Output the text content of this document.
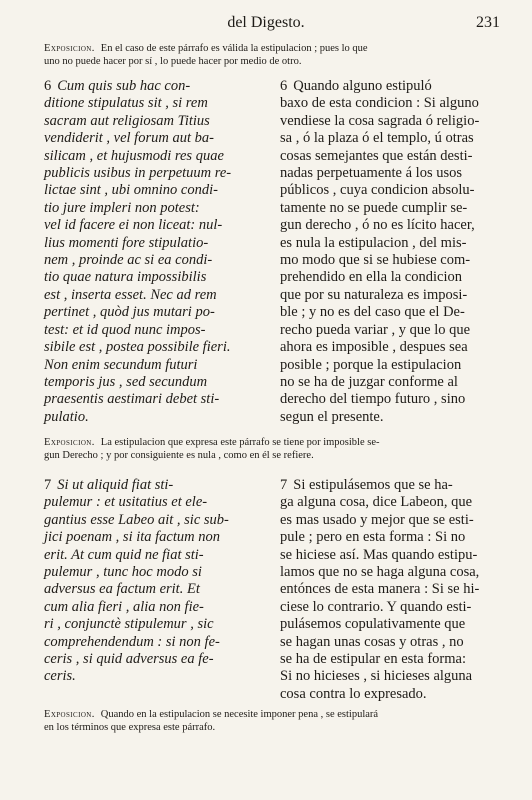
del Digesto.	231

Exposicion. En el caso de este párrafo es válida la estipulacion ; pues lo que
uno no puede hacer por sí , lo puede hacer por medio de otro.

6 Cum quis sub hac con-
ditione stipulatus sit , si rem
sacram aut religiosam Titius
vendiderit , vel forum aut ba-
silicam , et hujusmodi res quae
publicis usibus in perpetuum re-
lictae sint , ubi omnino condi-
tio jure impleri non potest:
vel id facere ei non liceat: nul-
lius momenti fore stipulatio-
nem , proinde ac si ea condi-
tio quae natura impossibilis
est , inserta esset. Nec ad rem
pertinet , quòd jus mutari po-
test: et id quod nunc impos-
sibile est , postea possibile fieri.
Non enim secundum futuri
temporis jus , sed secundum
praesentis aestimari debet sti-
pulatio.
6 Quando alguno estipuló
baxo de esta condicion : Si alguno
vendiese la cosa sagrada ó religio-
sa , ó la plaza ó el templo, ú otras
cosas semejantes que están desti-
nadas perpetuamente á los usos
públicos , cuya condicion absolu-
tamente no se puede cumplir se-
gun derecho , ó no es lícito hacer,
es nula la estipulacion , del mis-
mo modo que si se hubiese com-
prehendido en ella la condicion
que por su naturaleza es imposi-
ble ; y no es del caso que el De-
recho pueda variar , y que lo que
ahora es imposible , despues sea
posible ; porque la estipulacion
no se ha de juzgar conforme al
derecho del tiempo futuro , sino
segun el presente.

Exposicion. La estipulacion que expresa este párrafo se tiene por imposible se-
gun Derecho ; y por consiguiente es nula , como en él se refiere.

7 Si ut aliquid fiat sti-
pulemur : et usitatius et ele-
gantius esse Labeo ait , sic sub-
jici poenam , si ita factum non
erit. At cum quid ne fiat sti-
pulemur , tunc hoc modo si
adversus ea factum erit. Et
cum alia fieri , alia non fie-
ri , conjunctè stipulemur , sic
comprehendendum : si non fe-
ceris , si quid adversus ea fe-
ceris.
7 Si estipulásemos que se ha-
ga alguna cosa, dice Labeon, que
es mas usado y mejor que se esti-
pule ; pero en esta forma : Si no
se hiciese así. Mas quando estipu-
lamos que no se haga alguna cosa,
entónces de esta manera : Si se hi-
ciese lo contrario. Y quando esti-
pulásemos copulativamente que
se hagan unas cosas y otras , no
se ha de estipular en esta forma:
Si no hicieses , si hicieses alguna
cosa contra lo expresado.

Exposicion. Quando en la estipulacion se necesite imponer pena , se estipulará
en los términos que expresa este párrafo.
